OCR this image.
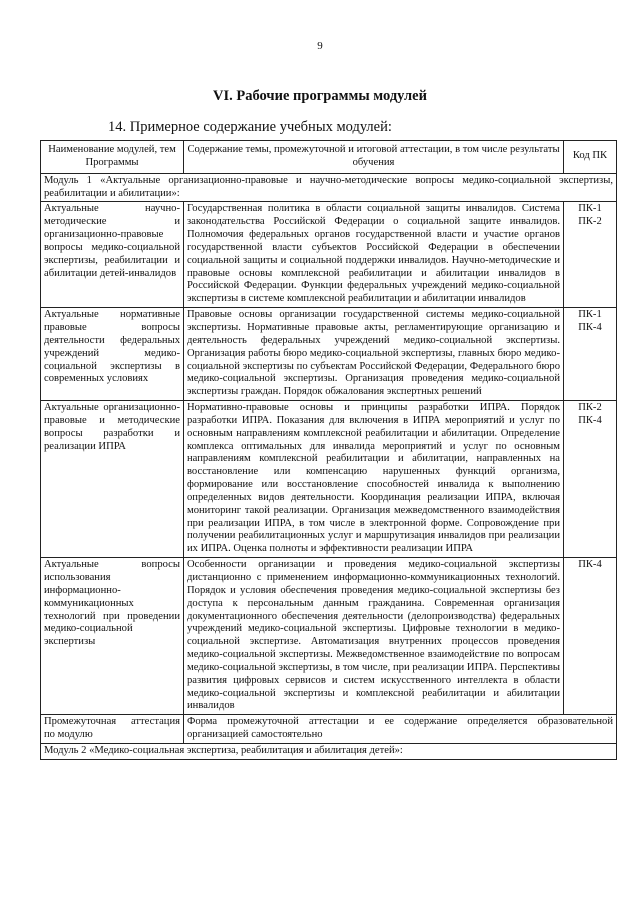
9
VI. Рабочие программы модулей
14. Примерное содержание учебных модулей:
Наименование модулей, тем Программы	Содержание темы, промежуточной и итоговой аттестации, в том числе результаты обучения	Код ПК
Модуль 1 «Актуальные организационно-правовые и научно-методические вопросы медико-социальной экспертизы, реабилитации и абилитации»:		
Актуальные научно-методические и организационно-правовые вопросы медико-социальной экспертизы, реабилитации и абилитации детей-инвалидов	Государственная политика в области социальной защиты инвалидов. Система законодательства Российской Федерации о социальной защите инвалидов. Полномочия федеральных органов государственной власти и участие органов государственной власти субъектов Российской Федерации в обеспечении социальной защиты и социальной поддержки инвалидов. Научно-методические и правовые основы комплексной реабилитации и абилитации инвалидов в Российской Федерации. Функции федеральных учреждений медико-социальной экспертизы в системе комплексной реабилитации и абилитации инвалидов	ПК-1
ПК-2

Актуальные нормативные правовые вопросы деятельности федеральных учреждений медико-социальной экспертизы в современных условиях	Правовые основы организации государственной системы медико-социальной экспертизы. Нормативные правовые акты, регламентирующие организацию и деятельность федеральных учреждений медико-социальной экспертизы. Организация работы бюро медико-социальной экспертизы, главных бюро медико-социальной экспертизы по субъектам Российской Федерации, Федерального бюро медико-социальной экспертизы. Организация проведения медико-социальной экспертизы граждан. Порядок обжалования экспертных решений	ПК-1
ПК-4

Актуальные организационно-правовые и методические вопросы разработки и реализации ИПРА	Нормативно-правовые основы и принципы разработки ИПРА. Порядок разработки ИПРА. Показания для включения в ИПРА мероприятий и услуг по основным направлениям комплексной реабилитации и абилитации. Определение комплекса оптимальных для инвалида мероприятий и услуг по основным направлениям комплексной реабилитации и абилитации, направленных на восстановление или компенсацию нарушенных функций организма, формирование или восстановление способностей инвалида к выполнению определенных видов деятельности. Координация реализации ИПРА, включая мониторинг такой реализации. Организация межведомственного взаимодействия при реализации ИПРА, в том числе в электронной форме. Сопровождение при получении реабилитационных услуг и маршрутизация инвалидов при реализации их ИПРА. Оценка полноты и эффективности реализации ИПРА	ПК-2
ПК-4

Актуальные вопросы использования информационно-коммуникационных технологий при проведении медико-социальной экспертизы	Особенности организации и проведения медико-социальной экспертизы дистанционно с применением информационно-коммуникационных технологий. Порядок и условия обеспечения проведения медико-социальной экспертизы без доступа к персональным данным гражданина. Современная организация документационного обеспечения деятельности (делопроизводства) федеральных учреждений медико-социальной экспертизы. Цифровые технологии в медико-социальной экспертизе. Автоматизация внутренних процессов проведения медико-социальной экспертизы. Межведомственное взаимодействие по вопросам медико-социальной экспертизы, в том числе, при реализации ИПРА. Перспективы развития цифровых сервисов и систем искусственного интеллекта в области медико-социальной экспертизы и комплексной реабилитации и абилитации инвалидов	ПК-4

Промежуточная аттестация по модулю	Форма промежуточной аттестации и ее содержание определяется образовательной организацией самостоятельно	
Модуль 2 «Медико-социальная экспертиза, реабилитация и абилитация детей»:		
